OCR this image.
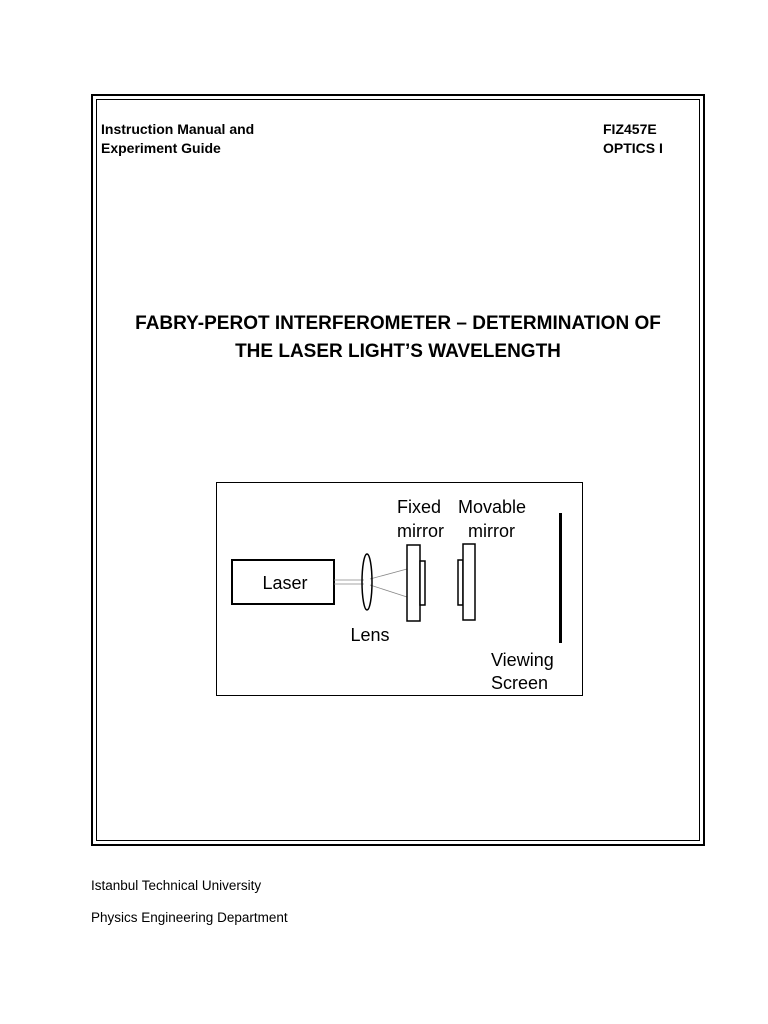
Instruction Manual and
Experiment Guide
FIZ457E
OPTICS I
FABRY-PEROT INTERFEROMETER – DETERMINATION OF
THE LASER LIGHT’S WAVELENGTH
Laser
Lens
Fixed
mirror
Movable
mirror
Viewing
Screen
Istanbul Technical University
Physics Engineering Department
